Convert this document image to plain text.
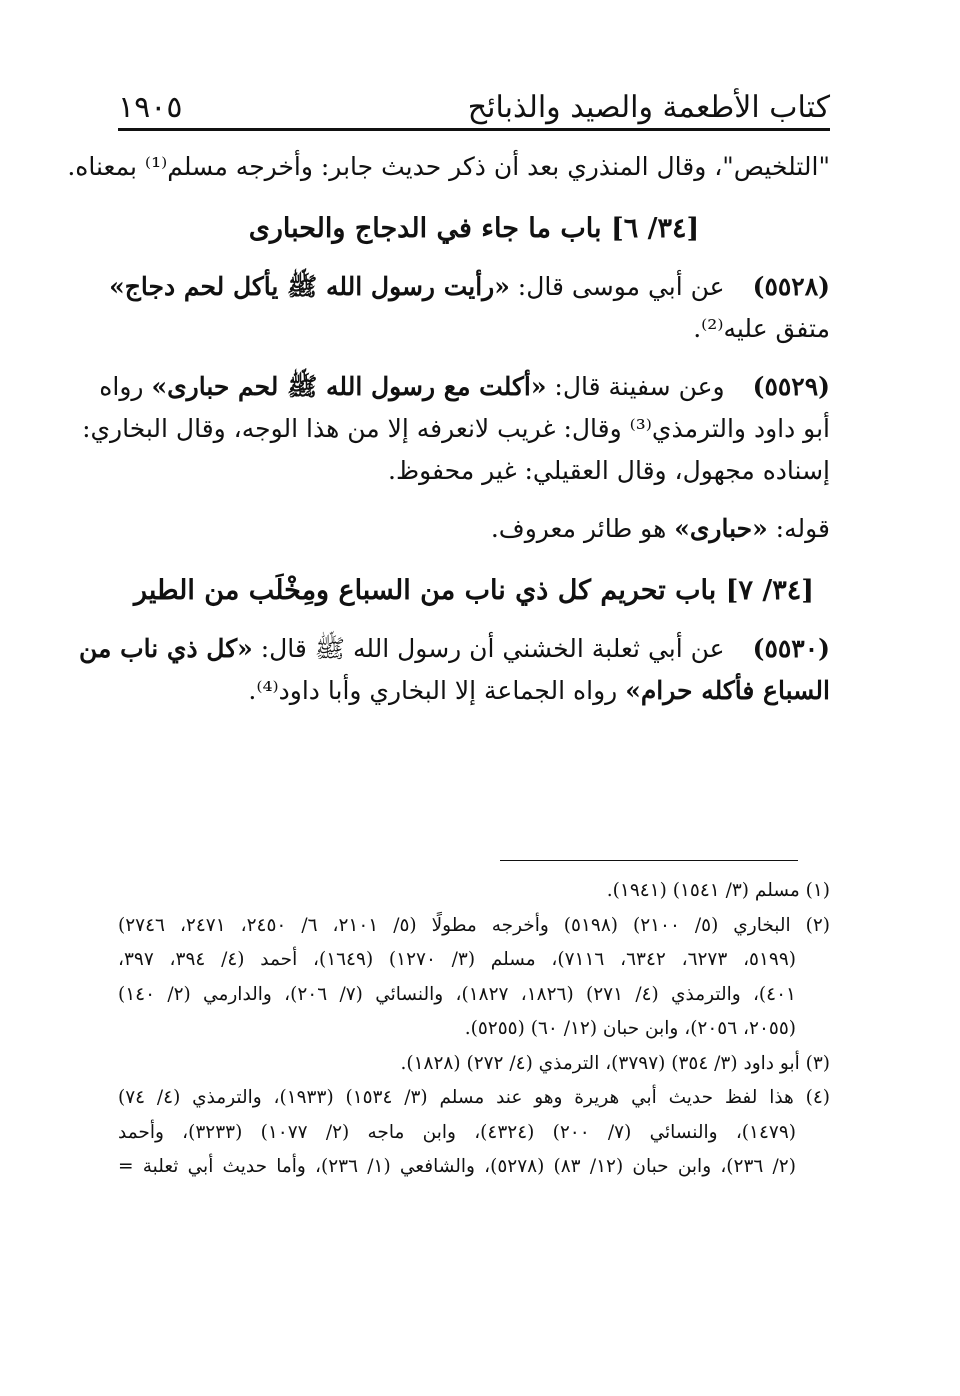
كتاب الأطعمة والصيد والذبائح
١٩٠٥
"التلخيص"، وقال المنذري بعد أن ذكر حديث جابر: وأخرجه مسلم⁽¹⁾ بمعناه.
[٣٤/ ٦] باب ما جاء في الدجاج والحبارى
(٥٥٢٨)عن أبي موسى قال: «رأيت رسول الله ﷺ يأكل لحم دجاج»
متفق عليه⁽²⁾.
(٥٥٢٩)وعن سفينة قال: «أكلت مع رسول الله ﷺ لحم حبارى» رواه
أبو داود والترمذي⁽³⁾ وقال: غريب لانعرفه إلا من هذا الوجه، وقال البخاري:
إسناده مجهول، وقال العقيلي: غير محفوظ.
قوله: «حبارى» هو طائر معروف.
[٣٤/ ٧] باب تحريم كل ذي ناب من السباع ومِخْلَب من الطير
(٥٥٣٠)عن أبي ثعلبة الخشني أن رسول الله ﷺ قال: «كل ذي ناب من
السباع فأكله حرام» رواه الجماعة إلا البخاري وأبا داود⁽⁴⁾.
(١) مسلم (٣/ ١٥٤١) (١٩٤١).
(٢) البخاري (٥/ ٢١٠٠) (٥١٩٨) وأخرجه مطولًا (٥/ ٢١٠١، ٦/ ٢٤٥٠، ٢٤٧١، ٢٧٤٦)
(٥١٩٩، ٦٢٧٣، ٦٣٤٢، ٧١١٦)، مسلم (٣/ ١٢٧٠) (١٦٤٩)، أحمد (٤/ ٣٩٤، ٣٩٧،
٤٠١)، والترمذي (٤/ ٢٧١) (١٨٢٦، ١٨٢٧)، والنسائي (٧/ ٢٠٦)، والدارمي (٢/ ١٤٠)
(٢٠٥٥، ٢٠٥٦)، وابن حبان (١٢/ ٦٠) (٥٢٥٥).
(٣) أبو داود (٣/ ٣٥٤) (٣٧٩٧)، الترمذي (٤/ ٢٧٢) (١٨٢٨).
(٤) هذا لفظ حديث أبي هريرة وهو عند مسلم (٣/ ١٥٣٤) (١٩٣٣)، والترمذي (٤/ ٧٤)
(١٤٧٩)، والنسائي (٧/ ٢٠٠) (٤٣٢٤)، وابن ماجه (٢/ ١٠٧٧) (٣٢٣٣)، وأحمد
(٢/ ٢٣٦)، وابن حبان (١٢/ ٨٣) (٥٢٧٨)، والشافعي (١/ ٢٣٦)، وأما حديث أبي ثعلبة =
